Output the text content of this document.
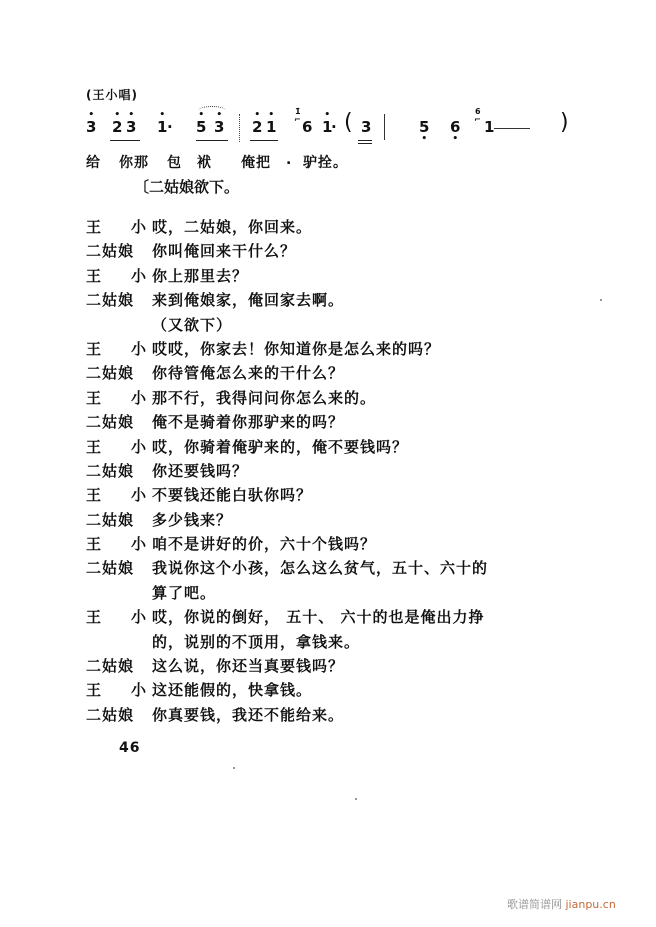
(王小唱)
3
•
2
•
3
•
1
•
· 5
•
3
•
2
•
1
•
6 1
•
· 3	5
•
6
•
1
1̇
⌐
6
⌐
(	)
给 你那 包 袱 俺把 . 驴拴。
〔二姑娘欲下。
王 小 哎，二姑娘，你回来。
二姑娘 你叫俺回来干什么？
王 小 你上那里去？
二姑娘 来到俺娘家，俺回家去啊。
（又欲下）
王 小 哎哎，你家去！你知道你是怎么来的吗？
二姑娘 你待管俺怎么来的干什么？
王 小 那不行，我得问问你怎么来的。
二姑娘 俺不是骑着你那驴来的吗？
王 小 哎，你骑着俺驴来的，俺不要钱吗？
二姑娘 你还要钱吗？
王 小 不要钱还能白驮你吗？
二姑娘 多少钱来？
王 小 咱不是讲好的价，六十个钱吗？
二姑娘 我说你这个小孩，怎么这么贫气，五十、六十的
算了吧。
王 小 哎，你说的倒好， 五十、 六十的也是俺出力挣
的，说别的不顶用，拿钱来。
二姑娘 这么说，你还当真要钱吗？
王 小 这还能假的，快拿钱。
二姑娘 你真要钱，我还不能给来。
46
歌谱简谱网 jianpu.cn
